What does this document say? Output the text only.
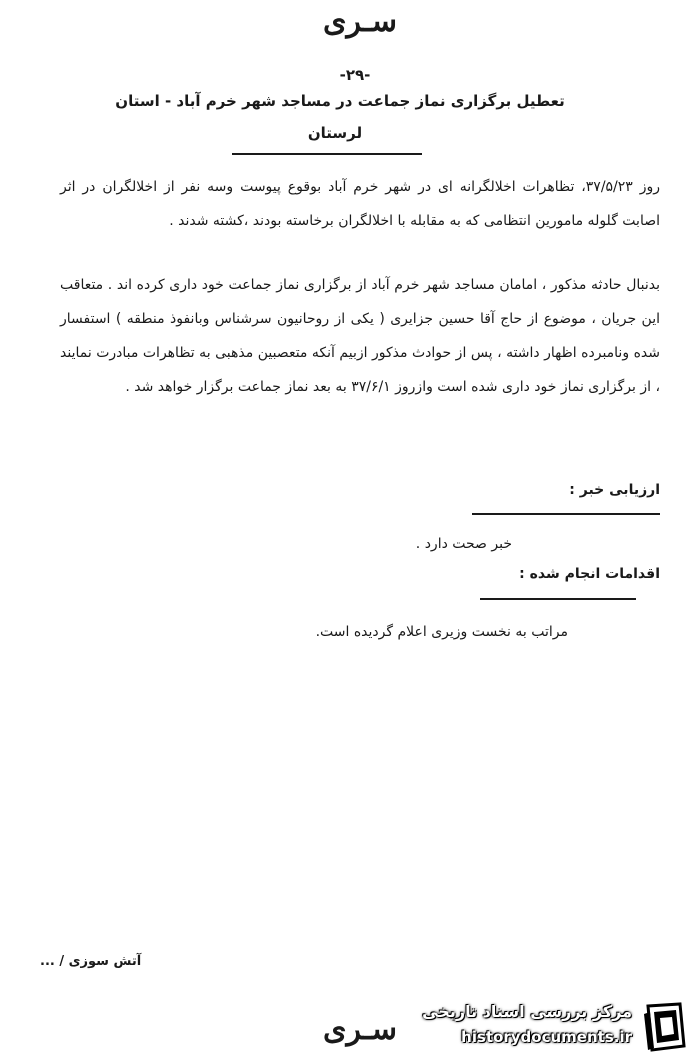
سـری
-۲۹-
تعطیل برگزاری نماز جماعت در مساجد شهر خرم آباد - استان
لرستان
روز ۳۷/۵/۲۳، تظاهرات اخلالگرانه ای در شهر خرم آباد بوقوع پیوست وسه نفر از اخلالگران در اثر اصابت گلوله مامورین انتظامی که به مقابله با اخلالگران برخاسته بودند ،کشته شدند .
بدنبال حادثه مذکور ، امامان مساجد شهر خرم آباد از برگزاری نماز جماعت خود داری کرده اند . متعاقب این جریان ، موضوع از حاج آقا حسین جزایری ( یکی از روحانیون سرشناس وبانفوذ منطقه ) استفسار شده ونامبرده اظهار داشته ، پس از حوادث مذکور ازبیم آنکه متعصبین مذهبی به تظاهرات مبادرت نمایند ، از برگزاری نماز خود داری شده است وازروز ۳۷/۶/۱ به بعد نماز جماعت برگزار خواهد شد .
ارزیابی خبر :
خبر صحت دارد .
اقدامات انجام شده :
مراتب به نخست وزیری اعلام گردیده است.
آتش سوزی / ...
سـری
مرکز بررسی اسناد تاریخی
historydocuments.ir
